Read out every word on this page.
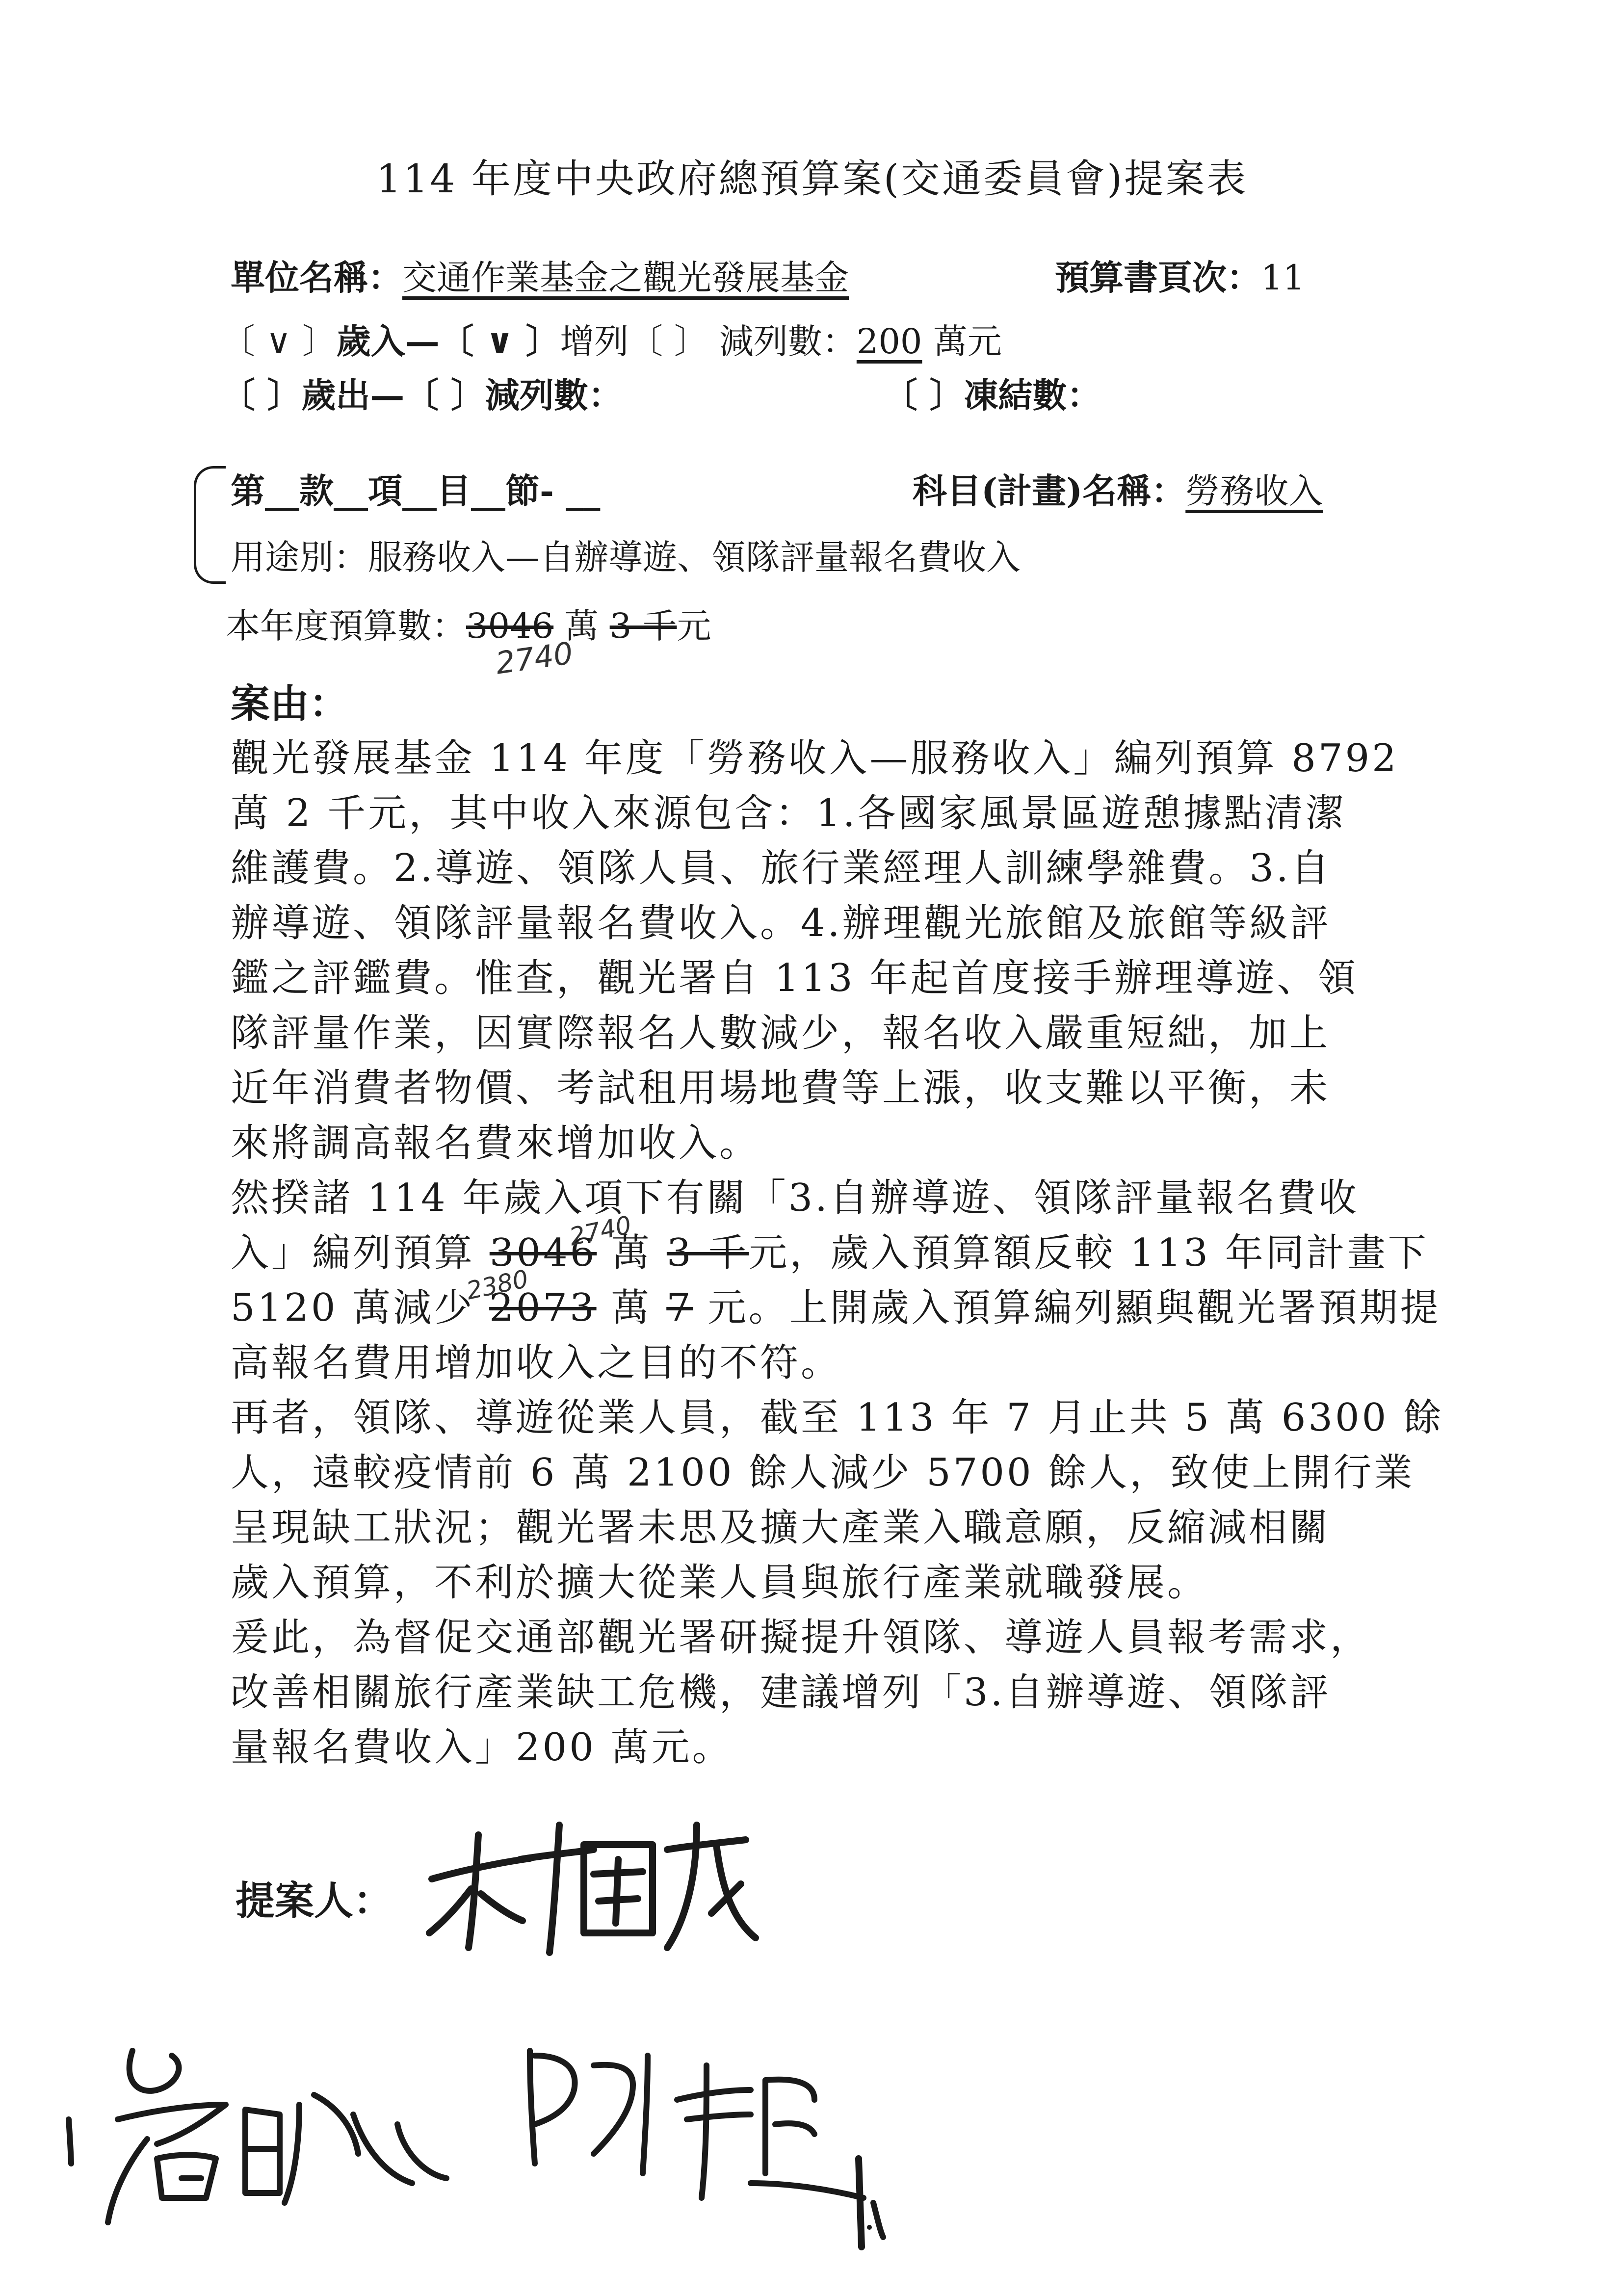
114 年度中央政府總預算案(交通委員會)提案表
單位名稱：交通作業基金之觀光發展基金	預算書頁次：11
〔 ∨ 〕歲入—〔 ∨ 〕增列〔 〕 減列數：200 萬元
〔 〕歲出—〔 〕減列數：	〔 〕凍結數：
第__款__項__目__節- __	科目(計畫)名稱：勞務收入
用途別：服務收入—自辦導遊、領隊評量報名費收入
本年度預算數：3046 萬 3 千元
2740
案由：
觀光發展基金 114 年度「勞務收入—服務收入」編列預算 8792
萬 2 千元，其中收入來源包含：1.各國家風景區遊憩據點清潔
維護費。2.導遊、領隊人員、旅行業經理人訓練學雜費。3.自
辦導遊、領隊評量報名費收入。4.辦理觀光旅館及旅館等級評
鑑之評鑑費。惟查，觀光署自 113 年起首度接手辦理導遊、領
隊評量作業，因實際報名人數減少，報名收入嚴重短絀，加上
近年消費者物價、考試租用場地費等上漲，收支難以平衡，未
來將調高報名費來增加收入。
然揆諸 114 年歲入項下有關「3.自辦導遊、領隊評量報名費收
入」編列預算 3046 萬 3 千元，歲入預算額反較 113 年同計畫下
5120 萬減少 2073 萬 7 元。上開歲入預算編列顯與觀光署預期提
高報名費用增加收入之目的不符。
2740
2380
再者，領隊、導遊從業人員，截至 113 年 7 月止共 5 萬 6300 餘
人，遠較疫情前 6 萬 2100 餘人減少 5700 餘人，致使上開行業
呈現缺工狀況；觀光署未思及擴大產業入職意願，反縮減相關
歲入預算，不利於擴大從業人員與旅行產業就職發展。
爰此，為督促交通部觀光署研擬提升領隊、導遊人員報考需求，
改善相關旅行產業缺工危機，建議增列「3.自辦導遊、領隊評
量報名費收入」200 萬元。
提案人：
